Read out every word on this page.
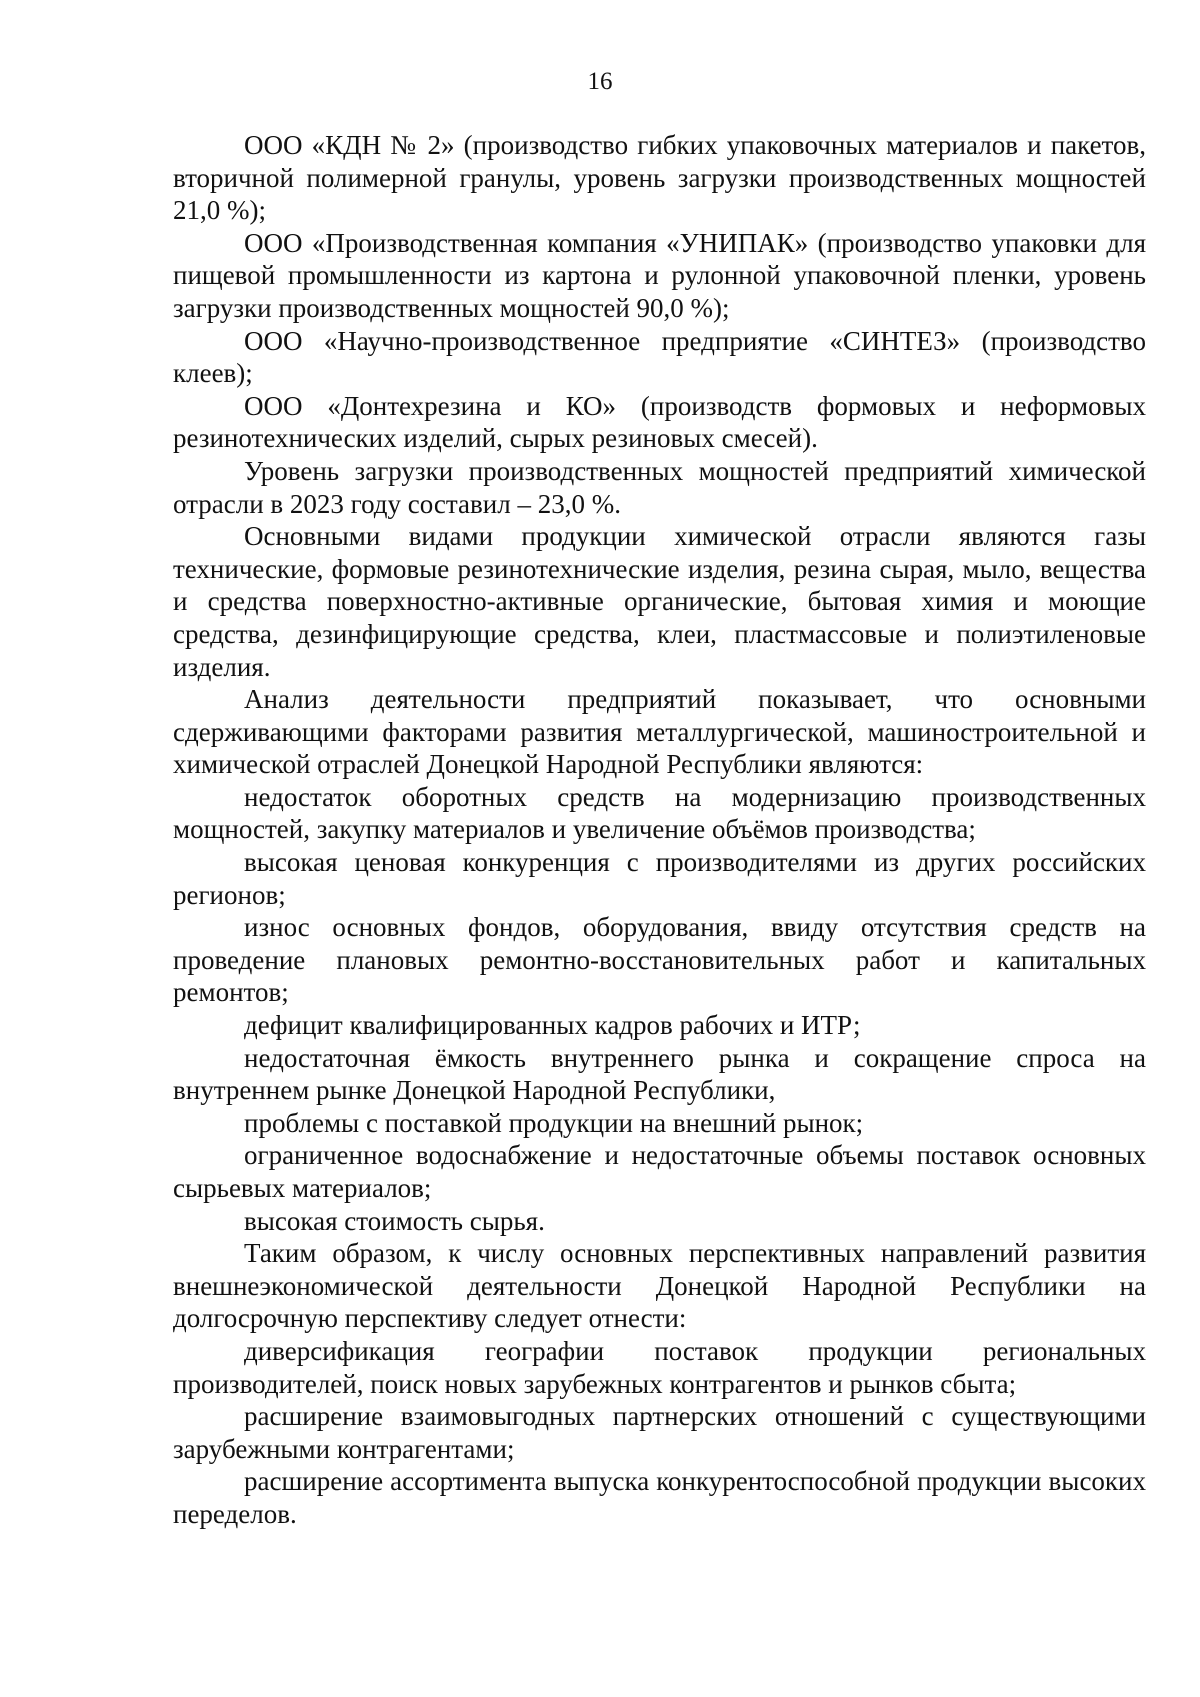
16

ООО «КДН № 2» (производство гибких упаковочных материалов и пакетов, вторичной полимерной гранулы, уровень загрузки производственных мощностей 21,0 %);

ООО «Производственная компания «УНИПАК» (производство упаковки для пищевой промышленности из картона и рулонной упаковочной пленки, уровень загрузки производственных мощностей 90,0 %);

ООО «Научно-производственное предприятие «СИНТЕЗ» (производство клеев);

ООО «Донтехрезина и КО» (производств формовых и неформовых резинотехнических изделий, сырых резиновых смесей).

Уровень загрузки производственных мощностей предприятий химической отрасли в 2023 году составил – 23,0 %.

Основными видами продукции химической отрасли являются газы технические, формовые резинотехнические изделия, резина сырая, мыло, вещества и средства поверхностно-активные органические, бытовая химия и моющие средства, дезинфицирующие средства, клеи, пластмассовые и полиэтиленовые изделия.

Анализ деятельности предприятий показывает, что основными сдерживающими факторами развития металлургической, машиностроительной и химической отраслей Донецкой Народной Республики являются:

недостаток оборотных средств на модернизацию производственных мощностей, закупку материалов и увеличение объёмов производства;

высокая ценовая конкуренция с производителями из других российских регионов;

износ основных фондов, оборудования, ввиду отсутствия средств на проведение плановых ремонтно-восстановительных работ и капитальных ремонтов;

дефицит квалифицированных кадров рабочих и ИТР;

недостаточная ёмкость внутреннего рынка и сокращение спроса на внутреннем рынке Донецкой Народной Республики,

проблемы с поставкой продукции на внешний рынок;

ограниченное водоснабжение и недостаточные объемы поставок основных сырьевых материалов;

высокая стоимость сырья.

Таким образом, к числу основных перспективных направлений развития внешнеэкономической деятельности Донецкой Народной Республики на долгосрочную перспективу следует отнести:

диверсификация географии поставок продукции региональных производителей, поиск новых зарубежных контрагентов и рынков сбыта;

расширение взаимовыгодных партнерских отношений с существующими зарубежными контрагентами;

расширение ассортимента выпуска конкурентоспособной продукции высоких переделов.
